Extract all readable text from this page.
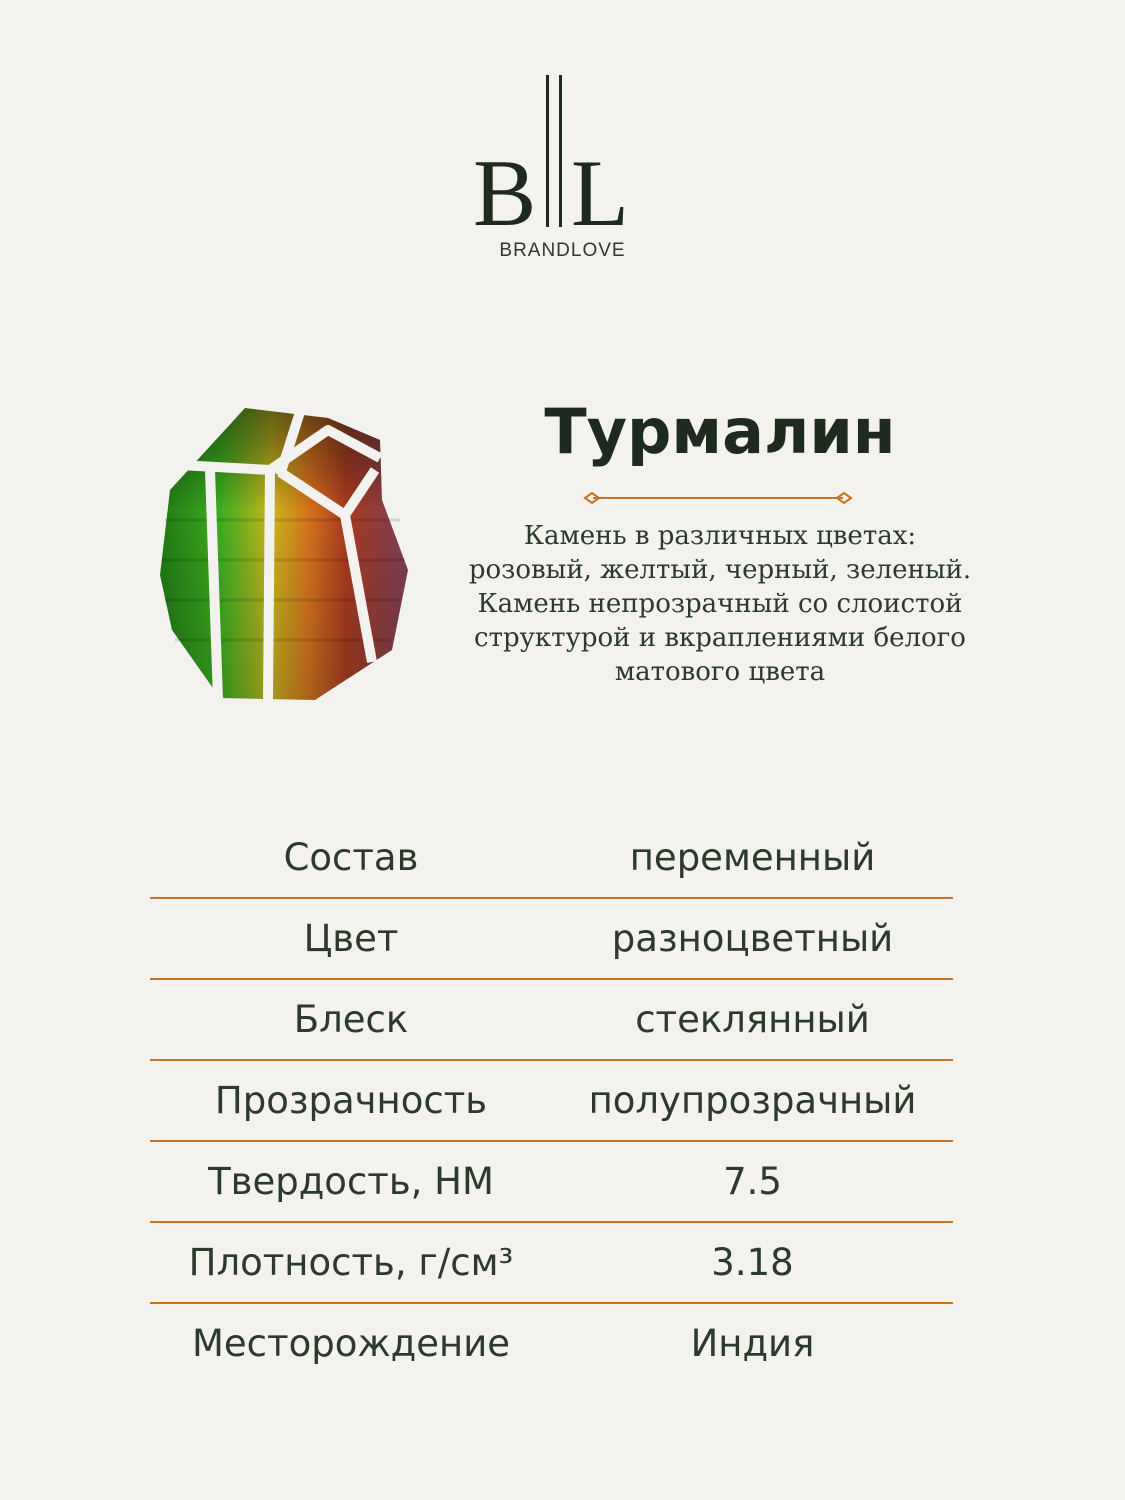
B L
BRANDLOVE
Турмалин
Камень в различных цветах:
розовый, желтый, черный, зеленый.
Камень непрозрачный со слоистой
структурой и вкраплениями белого
матового цвета
Состав	переменный
Цвет	разноцветный
Блеск	стеклянный
Прозрачность	полупрозрачный
Твердость, НМ	7.5
Плотность, г/см³	3.18
Месторождение	Индия
